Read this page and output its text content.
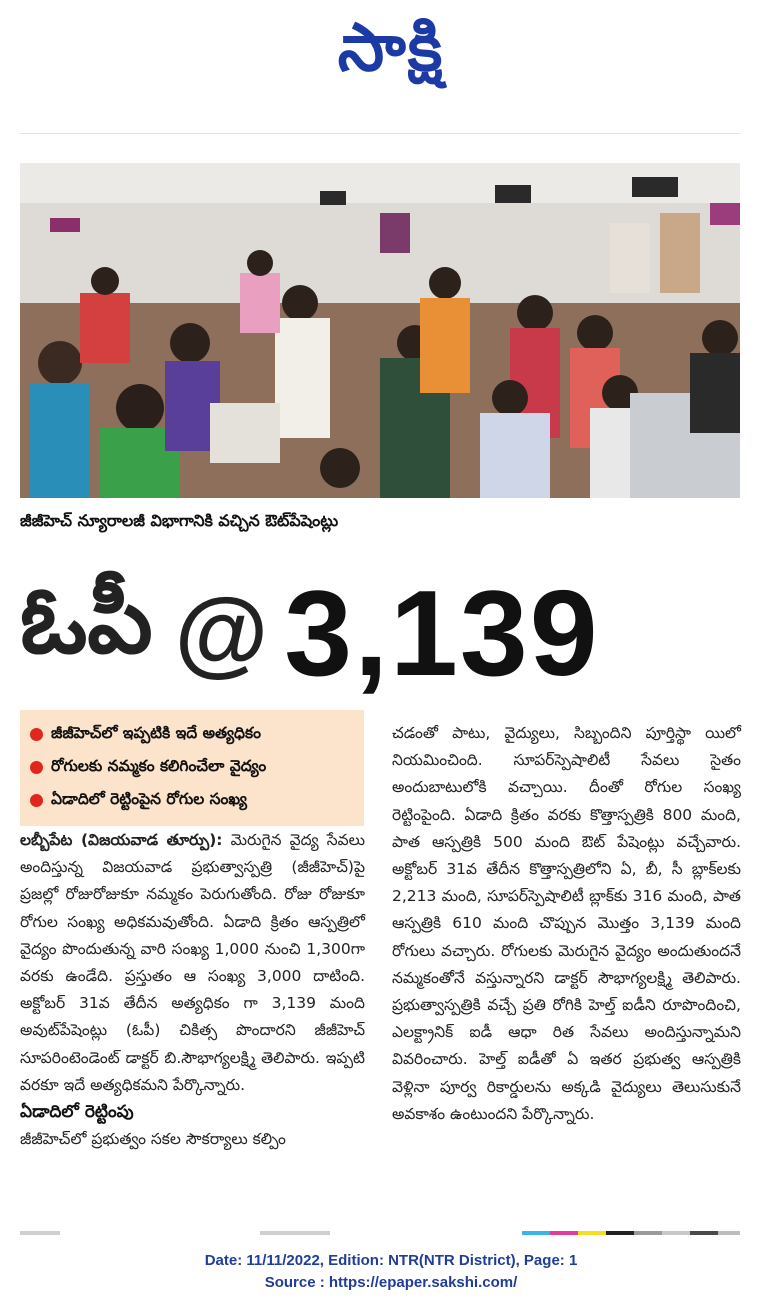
సాక్షి
జీజీహెచ్ న్యూరాలజీ విభాగానికి వచ్చిన ఔట్‌పేషెంట్లు
ఓపీ @ 3,139
జీజీహెచ్‌లో ఇప్పటికి ఇదే అత్యధికం
రోగులకు నమ్మకం కలిగించేలా వైద్యం
ఏడాదిలో రెట్టింపైన రోగుల సంఖ్య

లబ్బీపేట (విజయవాడ తూర్పు): మెరుగైన వైద్య సేవలు అందిస్తున్న విజయవాడ ప్రభుత్వాస్పత్రి (జీజీహెచ్)పై ప్రజల్లో రోజురోజుకూ నమ్మకం పెరుగుతోంది. రోజు రోజుకూ రోగుల సంఖ్య అధికమవుతోంది. ఏడాది క్రితం ఆస్పత్రిలో వైద్యం పొందుతున్న వారి సంఖ్య 1,000 నుంచి 1,300గా వరకు ఉండేది. ప్రస్తుతం ఆ సంఖ్య 3,000 దాటింది. అక్టోబర్ 31వ తేదీన అత్యధికం గా 3,139 మంది అవుట్‌పేషెంట్లు (ఓపీ) చికిత్స పొందారని జీజీహెచ్ సూపరింటెండెంట్ డాక్టర్ బి.సౌభాగ్యలక్ష్మి తెలిపారు. ఇప్పటి వరకూ ఇదే అత్యధికమని పేర్కొన్నారు.

ఏడాదిలో రెట్టింపు

జీజీహెచ్‌లో ప్రభుత్వం సకల సౌకర్యాలు కల్పిం

చడంతో పాటు, వైద్యులు, సిబ్బందిని పూర్తిస్థా యిలో నియమించింది. సూపర్‌స్పెషాలిటీ సేవలు సైతం అందుబాటులోకి వచ్చాయి. దీంతో రోగుల సంఖ్య రెట్టింపైంది. ఏడాది క్రితం వరకు కొత్తాస్పత్రికి 800 మంది, పాత ఆస్పత్రికి 500 మంది ఔట్ పేషెంట్లు వచ్చేవారు. అక్టోబర్ 31వ తేదీన కొత్తాస్పత్రిలోని ఏ, బీ, సీ బ్లాక్‌లకు 2,213 మంది, సూపర్‌స్పెషాలిటీ బ్లాక్‌కు 316 మంది, పాత ఆస్పత్రికి 610 మంది చొప్పున మొత్తం 3,139 మంది రోగులు వచ్చారు. రోగులకు మెరుగైన వైద్యం అందుతుందనే నమ్మకంతోనే వస్తున్నారని డాక్టర్ సౌభాగ్యలక్ష్మి తెలిపారు. ప్రభుత్వాస్పత్రికి వచ్చే ప్రతి రోగికి హెల్త్ ఐడీని రూపొందించి, ఎలక్ట్రానిక్ ఐడీ ఆధా రిత సేవలు అందిస్తున్నామని వివరించారు. హెల్త్ ఐడీతో ఏ ఇతర ప్రభుత్వ ఆస్పత్రికి వెళ్లినా పూర్వ రికార్డులను అక్కడి వైద్యులు తెలుసుకునే అవకాశం ఉంటుందని పేర్కొన్నారు.

Date: 11/11/2022, Edition: NTR(NTR District), Page: 1
Source : https://epaper.sakshi.com/
